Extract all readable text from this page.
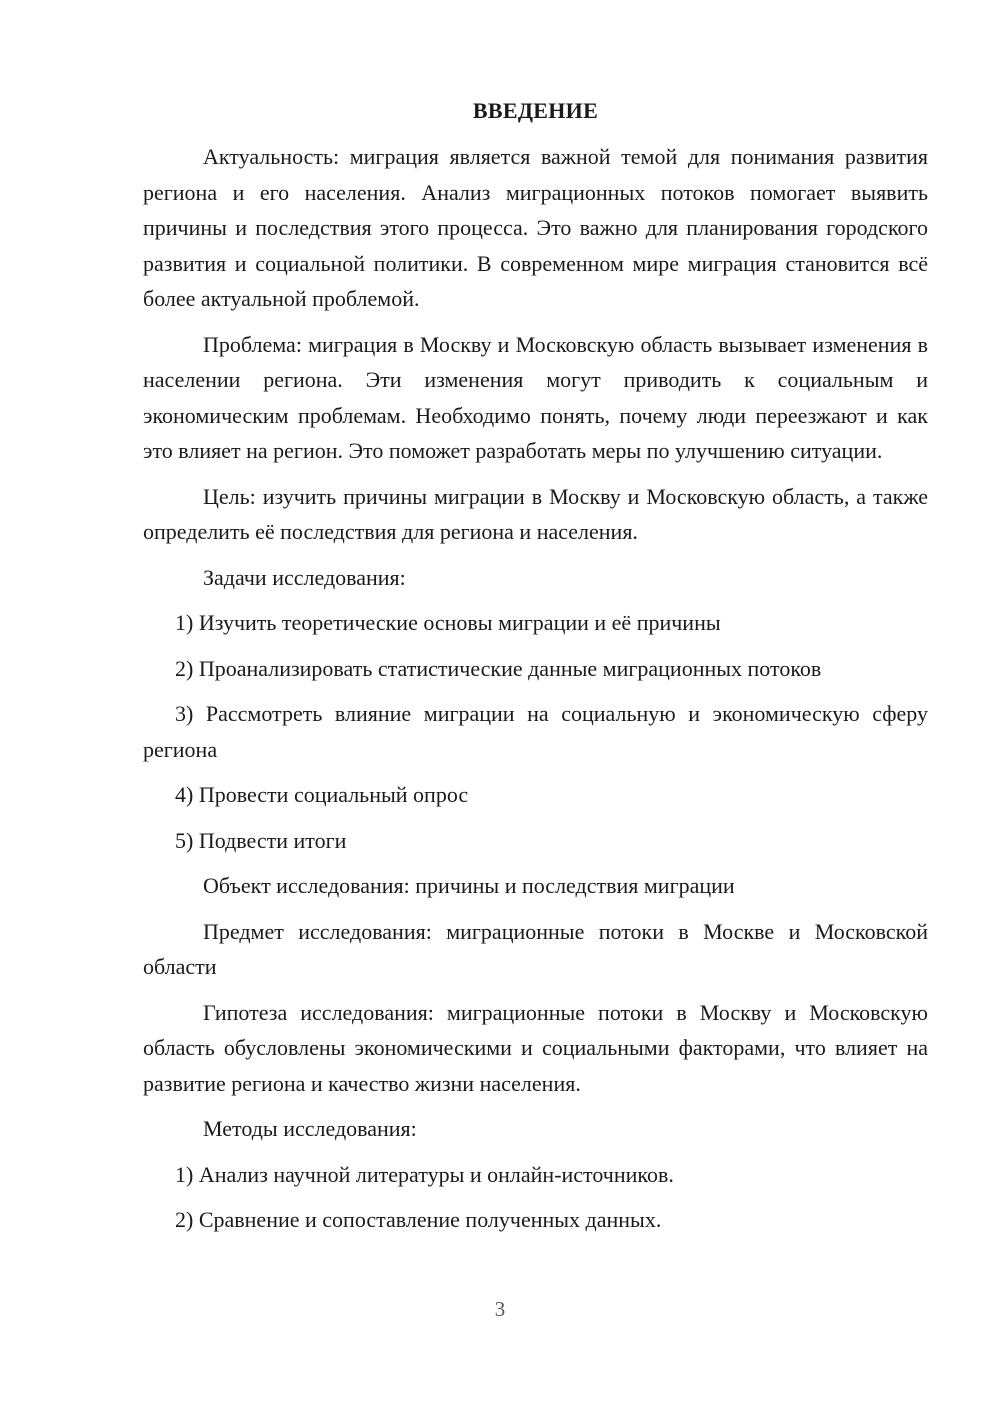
ВВЕДЕНИЕ

Актуальность: миграция является важной темой для понимания развития региона и его населения. Анализ миграционных потоков помогает выявить причины и последствия этого процесса. Это важно для планирования городского развития и социальной политики. В современном мире миграция становится всё более актуальной проблемой.

Проблема: миграция в Москву и Московскую область вызывает изменения в населении региона. Эти изменения могут приводить к социальным и экономическим проблемам. Необходимо понять, почему люди переезжают и как это влияет на регион. Это поможет разработать меры по улучшению ситуации.

Цель: изучить причины миграции в Москву и Московскую область, а также определить её последствия для региона и населения.

Задачи исследования:

1) Изучить теоретические основы миграции и её причины

2) Проанализировать статистические данные миграционных потоков

3) Рассмотреть влияние миграции на социальную и экономическую сферу региона

4) Провести социальный опрос

5) Подвести итоги

Объект исследования: причины и последствия миграции

Предмет исследования: миграционные потоки в Москве и Московской области

Гипотеза исследования: миграционные потоки в Москву и Московскую область обусловлены экономическими и социальными факторами, что влияет на развитие региона и качество жизни населения.

Методы исследования:

1) Анализ научной литературы и онлайн-источников.

2) Сравнение и сопоставление полученных данных.

3
